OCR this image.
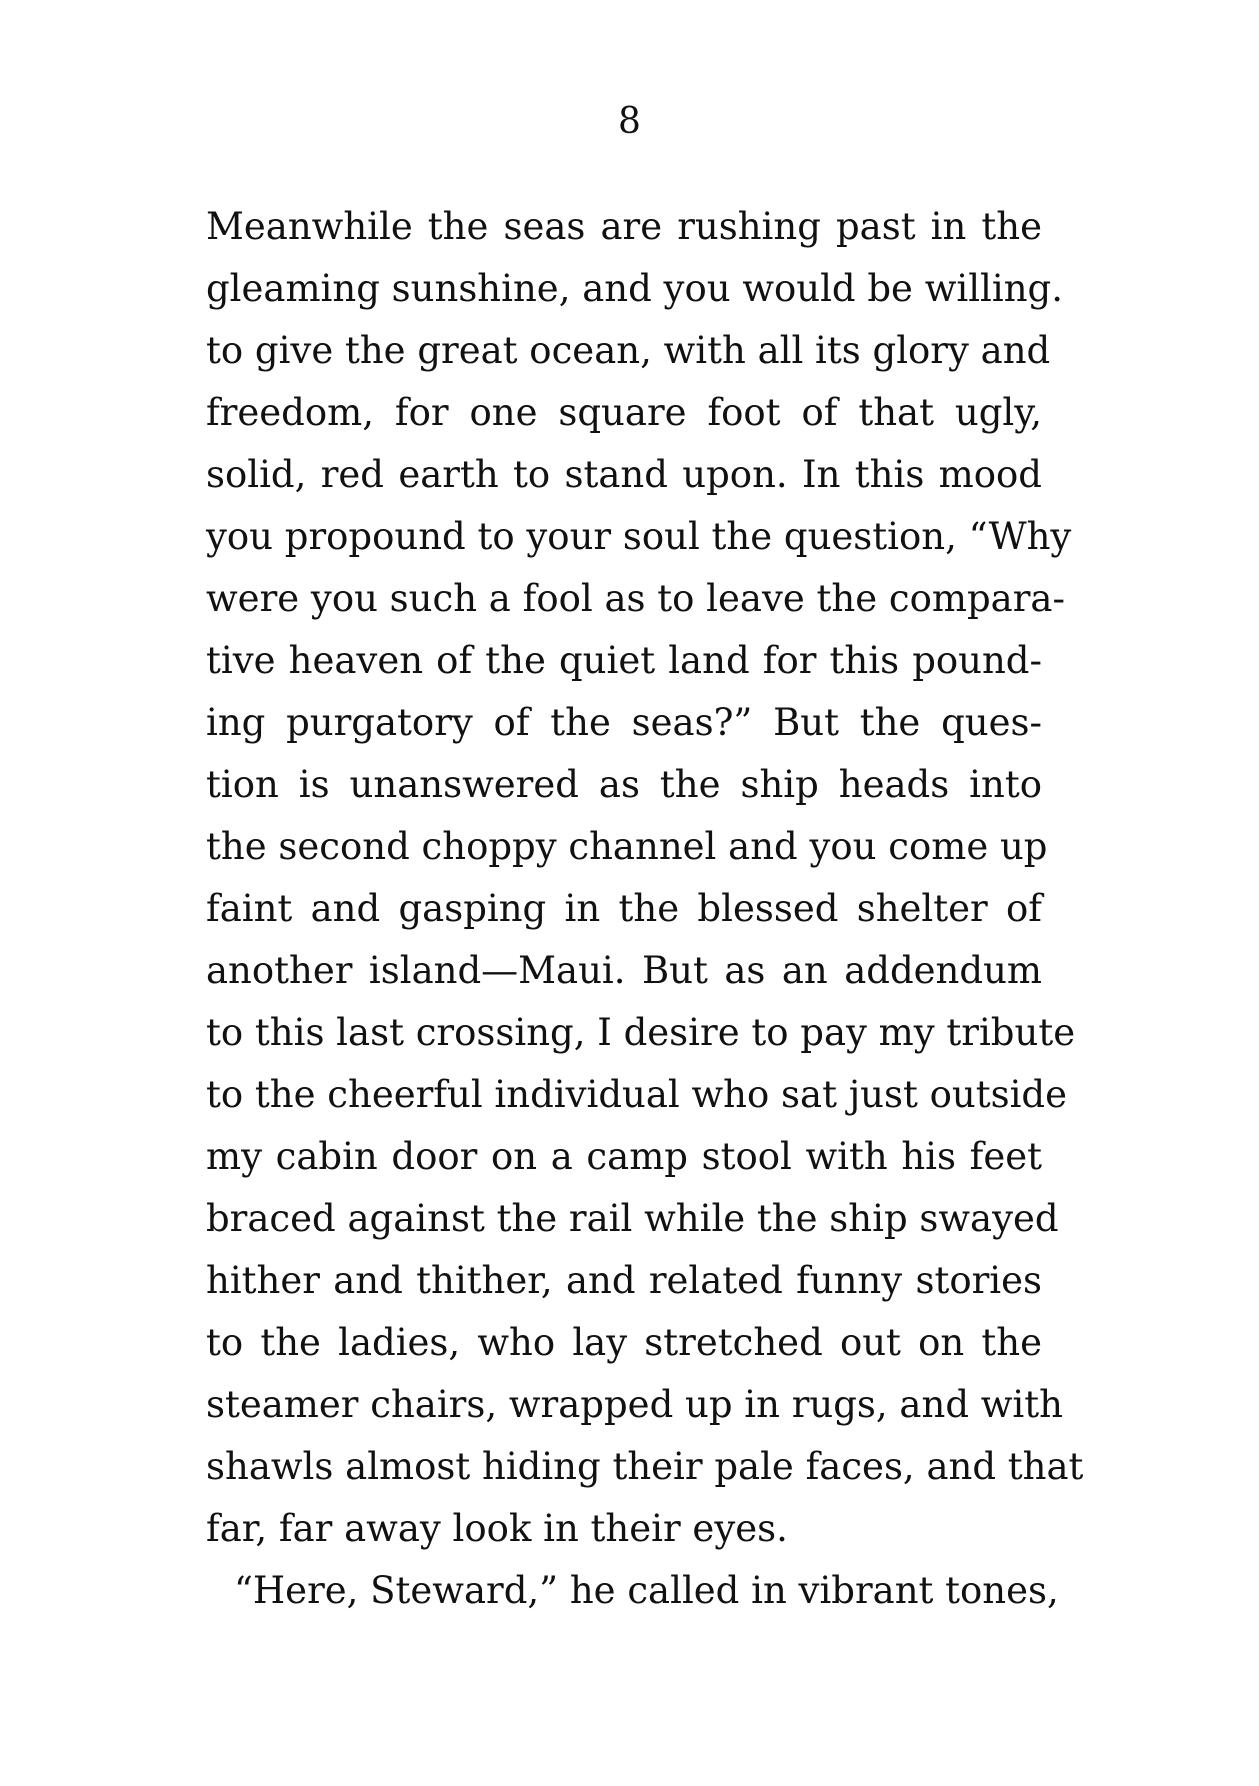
8
Meanwhile the seas are rushing past in the
gleaming sunshine, and you would be willing.
to give the great ocean, with all its glory and
freedom, for one square foot of that ugly,
solid, red earth to stand upon. In this mood
you propound to your soul the question, “Why
were you such a fool as to leave the compara-
tive heaven of the quiet land for this pound-
ing purgatory of the seas?” But the ques-
tion is unanswered as the ship heads into
the second choppy channel and you come up
faint and gasping in the blessed shelter of
another island—Maui. But as an addendum
to this last crossing, I desire to pay my tribute
to the cheerful individual who sat just outside
my cabin door on a camp stool with his feet
braced against the rail while the ship swayed
hither and thither, and related funny stories
to the ladies, who lay stretched out on the
steamer chairs, wrapped up in rugs, and with
shawls almost hiding their pale faces, and that
far, far away look in their eyes.
“Here, Steward,” he called in vibrant tones,
